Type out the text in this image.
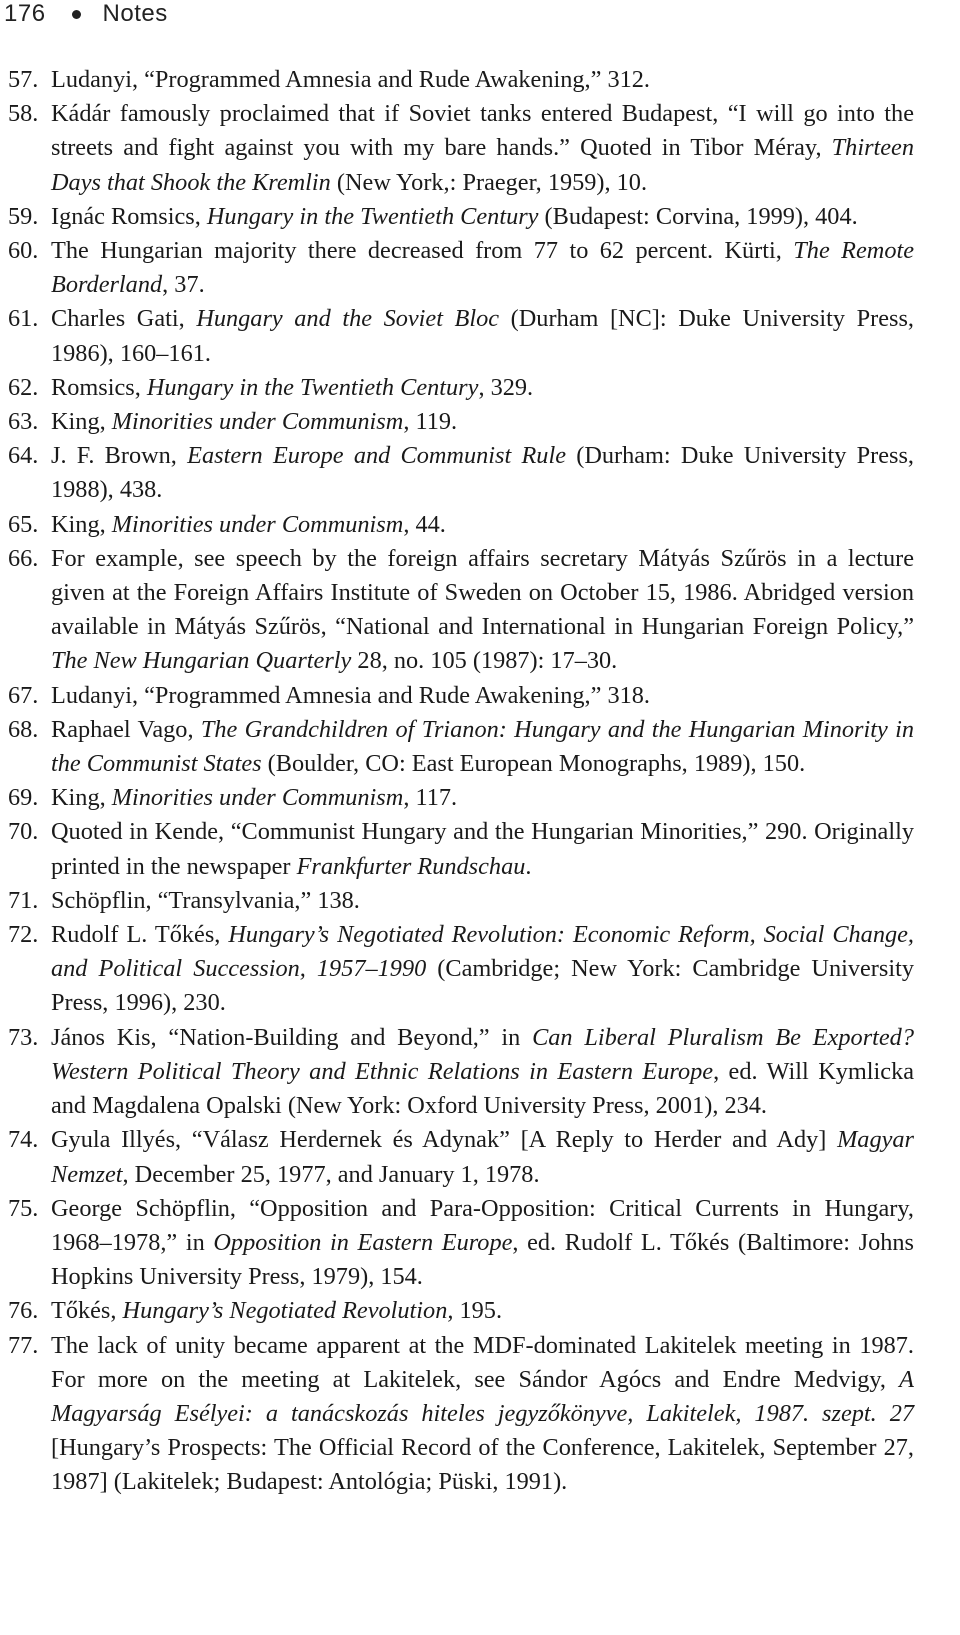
176 Notes
57. Ludanyi, “Programmed Amnesia and Rude Awakening,” 312.
58. Kádár famously proclaimed that if Soviet tanks entered Budapest, “I will go into the streets and fight against you with my bare hands.” Quoted in Tibor Méray, Thirteen Days that Shook the Kremlin (New York,: Praeger, 1959), 10.
59. Ignác Romsics, Hungary in the Twentieth Century (Budapest: Corvina, 1999), 404.
60. The Hungarian majority there decreased from 77 to 62 percent. Kürti, The Remote Borderland, 37.
61. Charles Gati, Hungary and the Soviet Bloc (Durham [NC]: Duke University Press, 1986), 160–161.
62. Romsics, Hungary in the Twentieth Century, 329.
63. King, Minorities under Communism, 119.
64. J. F. Brown, Eastern Europe and Communist Rule (Durham: Duke University Press, 1988), 438.
65. King, Minorities under Communism, 44.
66. For example, see speech by the foreign affairs secretary Mátyás Szűrös in a lecture given at the Foreign Affairs Institute of Sweden on October 15, 1986. Abridged version available in Mátyás Szűrös, “National and International in Hungarian Foreign Policy,” The New Hungarian Quarterly 28, no. 105 (1987): 17–30.
67. Ludanyi, “Programmed Amnesia and Rude Awakening,” 318.
68. Raphael Vago, The Grandchildren of Trianon: Hungary and the Hungarian Minority in the Communist States (Boulder, CO: East European Monographs, 1989), 150.
69. King, Minorities under Communism, 117.
70. Quoted in Kende, “Communist Hungary and the Hungarian Minorities,” 290. Originally printed in the newspaper Frankfurter Rundschau.
71. Schöpflin, “Transylvania,” 138.
72. Rudolf L. Tőkés, Hungary’s Negotiated Revolution: Economic Reform, Social Change, and Political Succession, 1957–1990 (Cambridge; New York: Cambridge University Press, 1996), 230.
73. János Kis, “Nation-Building and Beyond,” in Can Liberal Pluralism Be Exported? Western Political Theory and Ethnic Relations in Eastern Europe, ed. Will Kymlicka and Magdalena Opalski (New York: Oxford University Press, 2001), 234.
74. Gyula Illyés, “Válasz Herdernek és Adynak” [A Reply to Herder and Ady] Magyar Nemzet, December 25, 1977, and January 1, 1978.
75. George Schöpflin, “Opposition and Para-Opposition: Critical Currents in Hungary, 1968–1978,” in Opposition in Eastern Europe, ed. Rudolf L. Tőkés (Baltimore: Johns Hopkins University Press, 1979), 154.
76. Tőkés, Hungary’s Negotiated Revolution, 195.
77. The lack of unity became apparent at the MDF-dominated Lakitelek meeting in 1987. For more on the meeting at Lakitelek, see Sándor Agócs and Endre Medvigy, A Magyarság Esélyei: a tanácskozás hiteles jegyzőkönyve, Lakitelek, 1987. szept. 27 [Hungary’s Prospects: The Official Record of the Conference, Lakitelek, September 27, 1987] (Lakitelek; Budapest: Antológia; Püski, 1991).
